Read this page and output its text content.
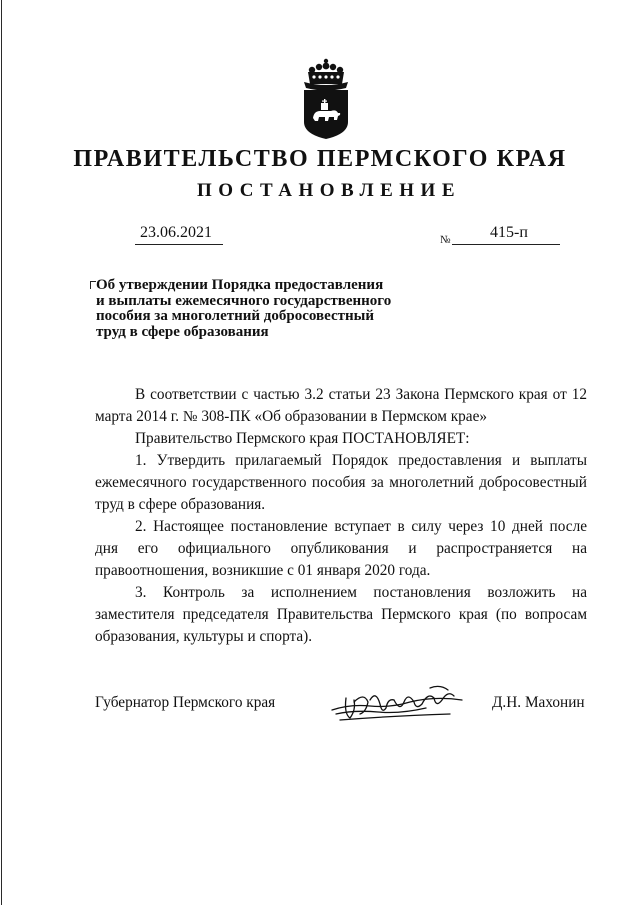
ПРАВИТЕЛЬСТВО ПЕРМСКОГО КРАЯ
ПОСТАНОВЛЕНИЕ
23.06.2021	№ 415-п
Об утверждении Порядка предоставления
и выплаты ежемесячного государственного
пособия за многолетний добросовестный
труд в сфере образования

В соответствии с частью 3.2 статьи 23 Закона Пермского края от 12 марта 2014 г. № 308-ПК «Об образовании в Пермском крае»

Правительство Пермского края ПОСТАНОВЛЯЕТ:

1. Утвердить прилагаемый Порядок предоставления и выплаты ежемесячного государственного пособия за многолетний добросовестный труд в сфере образования.

2. Настоящее постановление вступает в силу через 10 дней после дня его официального опубликования и распространяется на правоотношения, возникшие с 01 января 2020 года.

3. Контроль за исполнением постановления возложить на заместителя председателя Правительства Пермского края (по вопросам образования, культуры и спорта).

Губернатор Пермского края	Д.Н. Махонин
